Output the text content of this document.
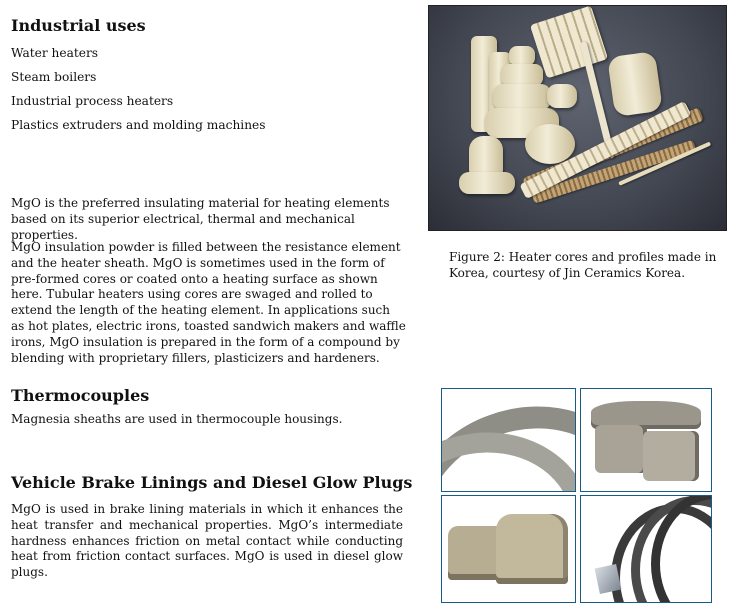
Industrial uses
Water heaters
Steam boilers
Industrial process heaters
Plastics extruders and molding machines

MgO is the preferred insulating material for heating elements based on its superior electrical, thermal and mechanical properties.

MgO insulation powder is filled between the resistance element and the heater sheath. MgO is sometimes used in the form of pre-formed cores or coated onto a heating surface as shown here. Tubular heaters using cores are swaged and rolled to extend the length of the heating element. In applications such as hot plates, electric irons, toasted sandwich makers and waffle irons, MgO insulation is prepared in the form of a compound by blending with proprietary fillers, plasticizers and hardeners.

Figure 2: Heater cores and profiles made in Korea, courtesy of Jin Ceramics Korea.

Thermocouples

Magnesia sheaths are used in thermocouple housings.

Vehicle Brake Linings and Diesel Glow Plugs

MgO is used in brake lining materials in which it enhances the heat transfer and mechanical properties. MgO’s intermediate hardness enhances friction on metal contact while conducting heat from friction contact surfaces. MgO is used in diesel glow plugs.
